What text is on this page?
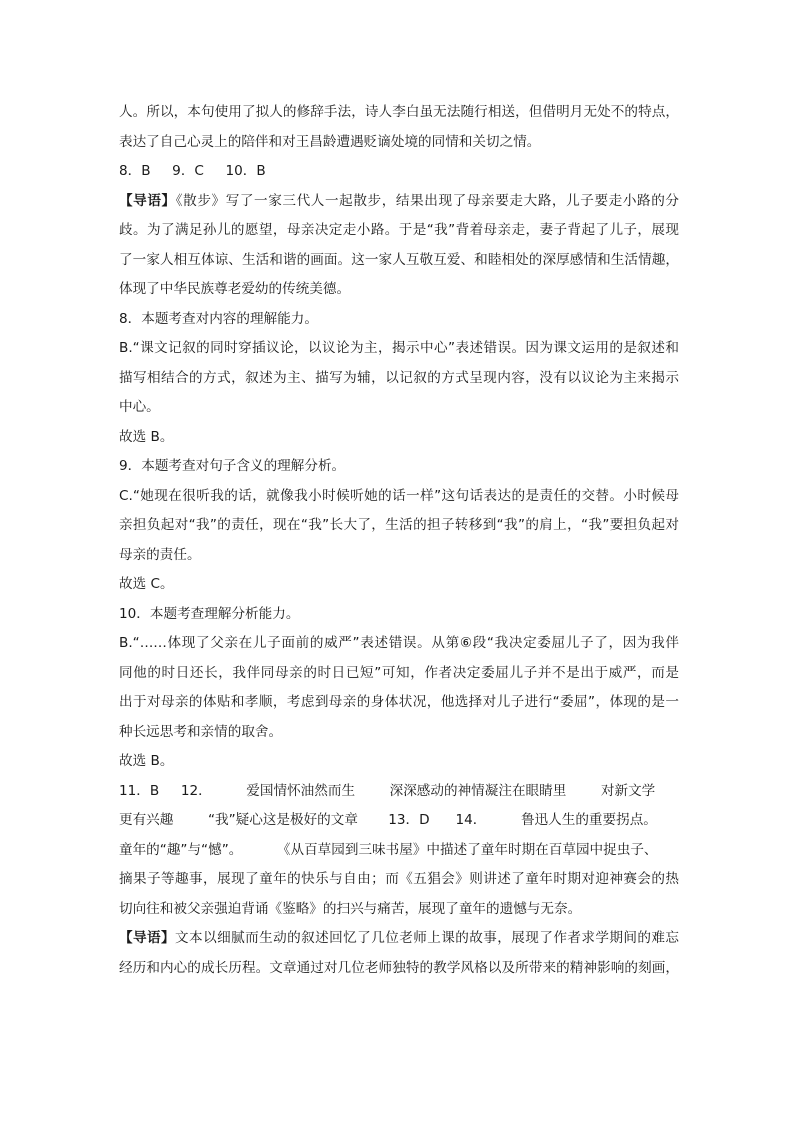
人。所以，本句使用了拟人的修辞手法，诗人李白虽无法随行相送，但借明月无处不的特点，
表达了自己心灵上的陪伴和对王昌龄遭遇贬谪处境的同情和关切之情。
8．B     9．C     10．B
【导语】《散步》写了一家三代人一起散步，结果出现了母亲要走大路，儿子要走小路的分
歧。为了满足孙儿的愿望，母亲决定走小路。于是“我”背着母亲走，妻子背起了儿子，展现
了一家人相互体谅、生活和谐的画面。这一家人互敬互爱、和睦相处的深厚感情和生活情趣，
体现了中华民族尊老爱幼的传统美德。
8．本题考查对内容的理解能力。
B.“课文记叙的同时穿插议论，以议论为主，揭示中心”表述错误。因为课文运用的是叙述和
描写相结合的方式，叙述为主、描写为辅，以记叙的方式呈现内容，没有以议论为主来揭示
中心。
故选 B。
9．本题考查对句子含义的理解分析。
C.“她现在很听我的话，就像我小时候听她的话一样”这句话表达的是责任的交替。小时候母
亲担负起对“我”的责任，现在“我”长大了，生活的担子转移到“我”的肩上，“我”要担负起对
母亲的责任。
故选 C。
10．本题考查理解分析能力。
B.“……体现了父亲在儿子面前的威严”表述错误。从第⑥段“我决定委屈儿子了，因为我伴
同他的时日还长，我伴同母亲的时日已短”可知，作者决定委屈儿子并不是出于威严，而是
出于对母亲的体贴和孝顺，考虑到母亲的身体状况，他选择对儿子进行“委屈”，体现的是一
种长远思考和亲情的取舍。
故选 B。
11．B     12．        爱国情怀油然而生        深深感动的神情凝注在眼睛里        对新文学
更有兴趣        “我”疑心这是极好的文章       13．D      14．        鲁迅人生的重要拐点。
童年的“趣”与“憾”。        《从百草园到三味书屋》中描述了童年时期在百草园中捉虫子、
摘果子等趣事，展现了童年的快乐与自由；而《五猖会》则讲述了童年时期对迎神赛会的热
切向往和被父亲强迫背诵《鉴略》的扫兴与痛苦，展现了童年的遗憾与无奈。
【导语】文本以细腻而生动的叙述回忆了几位老师上课的故事，展现了作者求学期间的难忘
经历和内心的成长历程。文章通过对几位老师独特的教学风格以及所带来的精神影响的刻画，
